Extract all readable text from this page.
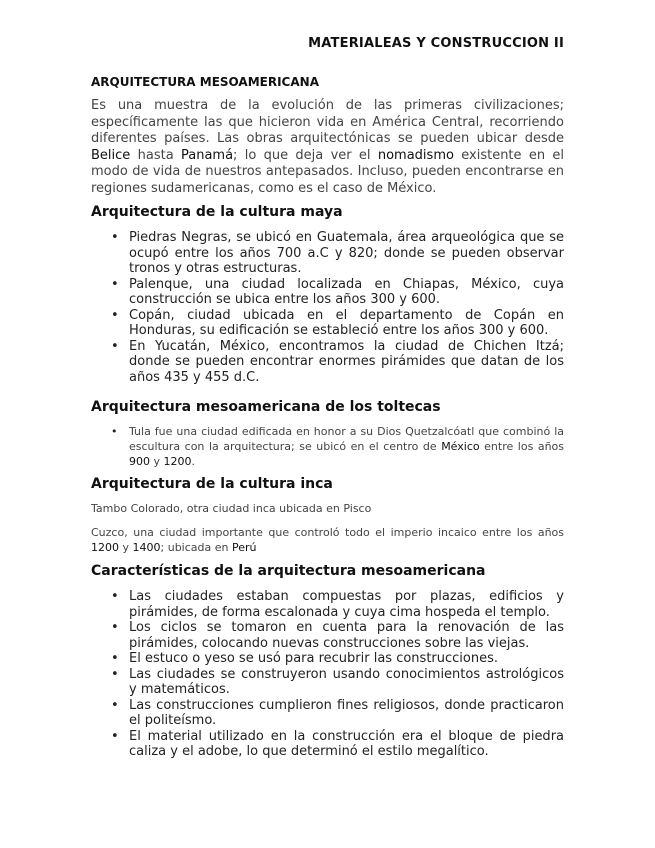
MATERIALEAS Y CONSTRUCCION II
ARQUITECTURA MESOAMERICANA
Es una muestra de la evolución de las primeras civilizaciones; específicamente las que hicieron vida en América Central, recorriendo diferentes países. Las obras arquitectónicas se pueden ubicar desde Belice hasta Panamá; lo que deja ver el nomadismo existente en el modo de vida de nuestros antepasados. Incluso, pueden encontrarse en regiones sudamericanas, como es el caso de México.
Arquitectura de la cultura maya
• Piedras Negras, se ubicó en Guatemala, área arqueológica que se ocupó entre los años 700 a.C y 820; donde se pueden observar tronos y otras estructuras.
• Palenque, una ciudad localizada en Chiapas, México, cuya construcción se ubica entre los años 300 y 600.
• Copán, ciudad ubicada en el departamento de Copán en Honduras, su edificación se estableció entre los años 300 y 600.
• En Yucatán, México, encontramos la ciudad de Chichen Itzá; donde se pueden encontrar enormes pirámides que datan de los años 435 y 455 d.C.
Arquitectura mesoamericana de los toltecas
• Tula fue una ciudad edificada en honor a su Dios Quetzalcóatl que combinó la escultura con la arquitectura; se ubicó en el centro de México entre los años 900 y 1200.
Arquitectura de la cultura inca
Tambo Colorado, otra ciudad inca ubicada en Pisco
Cuzco, una ciudad importante que controló todo el imperio incaico entre los años 1200 y 1400; ubicada en Perú
Características de la arquitectura mesoamericana
• Las ciudades estaban compuestas por plazas, edificios y pirámides, de forma escalonada y cuya cima hospeda el templo.
• Los ciclos se tomaron en cuenta para la renovación de las pirámides, colocando nuevas construcciones sobre las viejas.
• El estuco o yeso se usó para recubrir las construcciones.
• Las ciudades se construyeron usando conocimientos astrológicos y matemáticos.
• Las construcciones cumplieron fines religiosos, donde practicaron el politeísmo.
• El material utilizado en la construcción era el bloque de piedra caliza y el adobe, lo que determinó el estilo megalítico.
